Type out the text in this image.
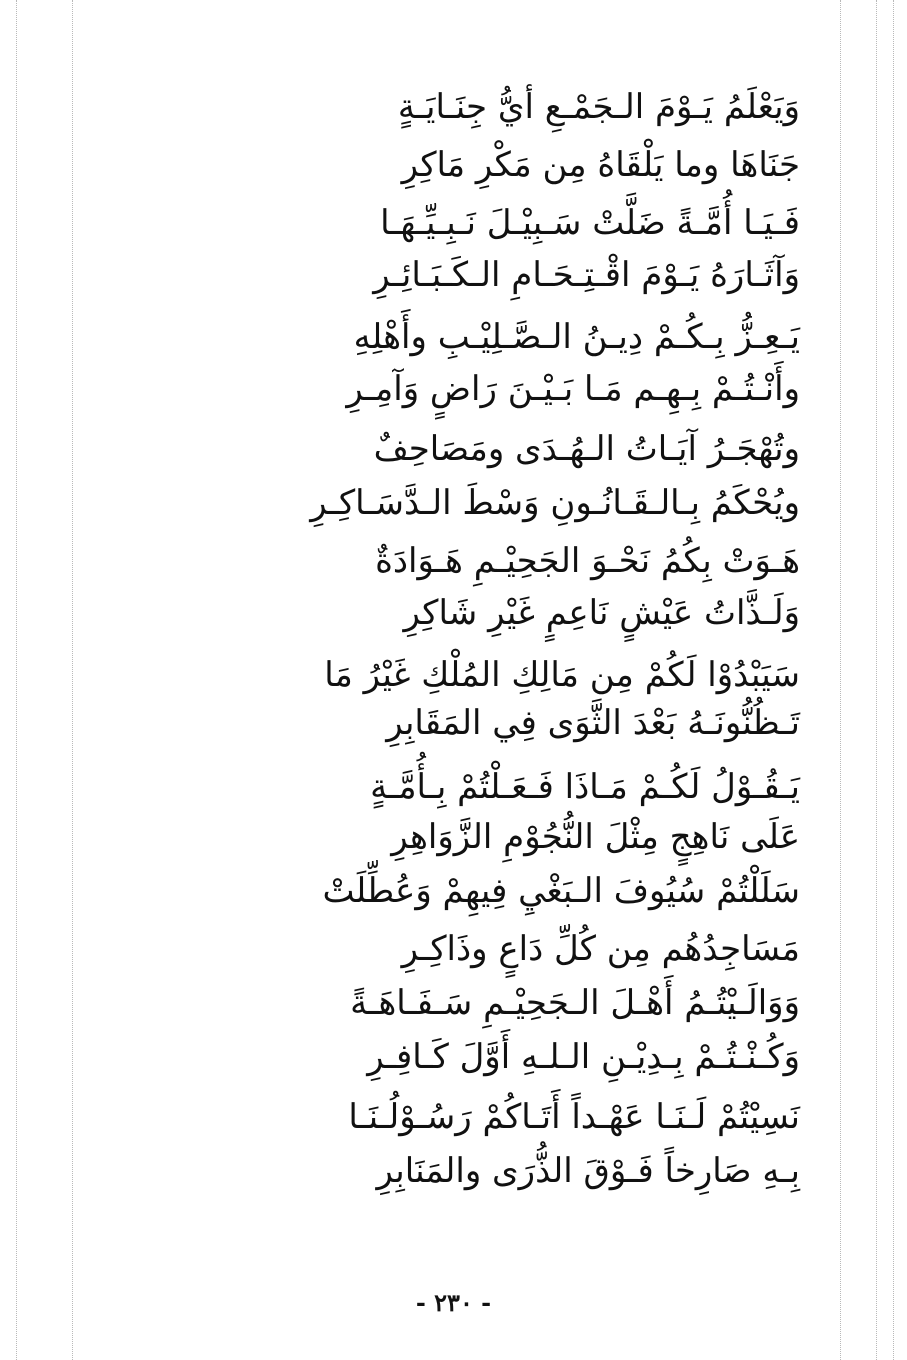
وَيَعْلَمُ يَـوْمَ الـجَمْـعِ أيُّ جِنَـايَـةٍ
جَنَاهَا وما يَلْقَاهُ مِن مَكْرِ مَاكِرِ
فَـيَـا أُمَّـةً ضَلَّتْ سَـبِيْـلَ نَـبِـيِّـهَـا
وَآثَـارَهُ يَـوْمَ اقْـتِـحَـامِ الـكَـبَـائِـرِ
يَـعِـزُّ بِـكُـمْ دِيـنُ الـصَّـلِيْـبِ وأَهْلِهِ
وأَنْـتُـمْ بِـهِـم مَـا بَـيْـنَ رَاضٍ وَآمِـرِ
وتُهْجَـرُ آيَـاتُ الـهُـدَى ومَصَاحِفٌ
ويُحْكَمُ بِـالـقَـانُـونِ وَسْطَ الـدَّسَـاكِـرِ
هَـوَتْ بِكُمُ نَحْـوَ الجَحِيْـمِ هَـوَادَةٌ
وَلَـذَّاتُ عَيْشٍ نَاعِمٍ غَيْرِ شَاكِرِ
سَيَبْدُوْا لَكُمْ مِن مَالِكِ المُلْكِ غَيْرُ مَا
تَـظُنُّونَـهُ بَعْدَ الثَّوَى فِي المَقَابِرِ
يَـقُـوْلُ لَكُـمْ مَـاذَا فَـعَـلْتُمْ بِـأُمَّـةٍ
عَلَى نَاهِجٍ مِثْلَ النُّجُوْمِ الزَّوَاهِرِ
سَلَلْتُمْ سُيُوفَ الـبَغْيِ فِيهِمْ وَعُطِّلَتْ
مَسَاجِدُهُم مِن كُلِّ دَاعٍ وذَاكِـرِ
وَوَالَـيْتُـمُ أَهْـلَ الـجَحِيْـمِ سَـفَـاهَـةً
وَكُـنْـتُـمْ بِـدِيْـنِ الـلـهِ أَوَّلَ كَـافِـرِ
نَسِيْتُمْ لَـنَـا عَهْـداً أَتَـاكُمْ رَسُـوْلُـنَـا
بِـهِ صَارِخاً فَـوْقَ الذُّرَى والمَنَابِرِ
- ٢٣٠ -
